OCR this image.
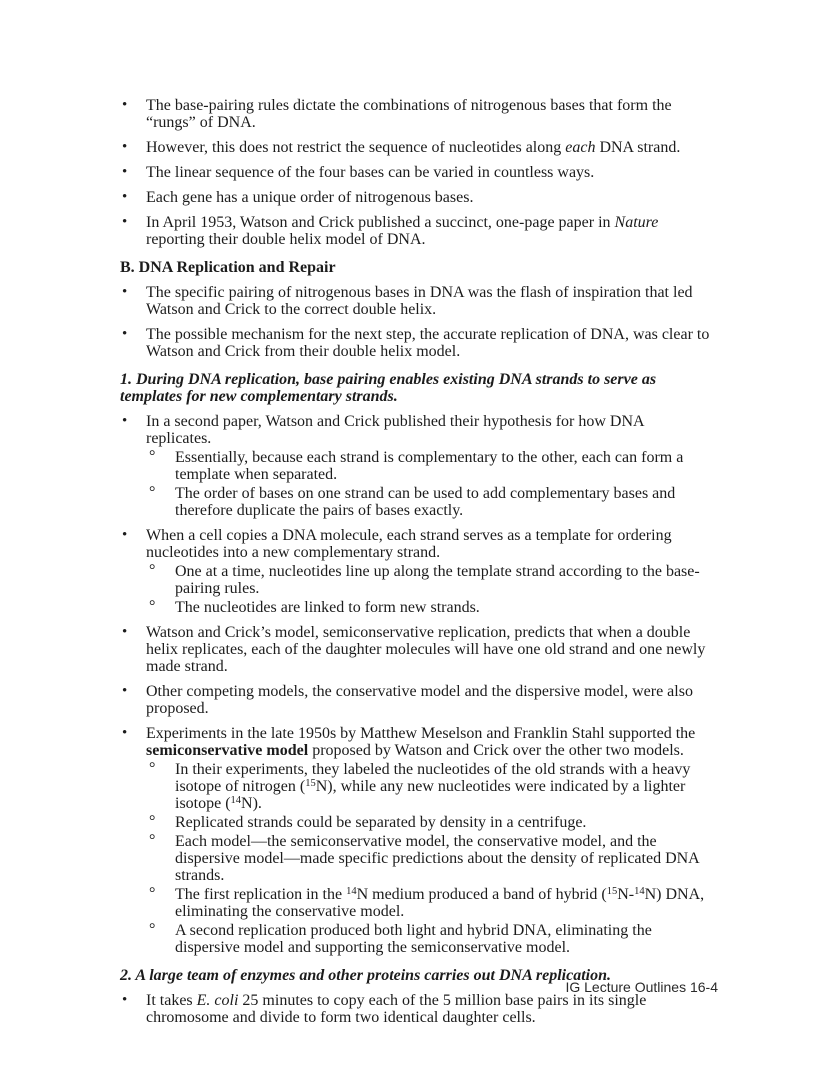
• The base-pairing rules dictate the combinations of nitrogenous bases that form the “rungs” of DNA.
• However, this does not restrict the sequence of nucleotides along each DNA strand.
• The linear sequence of the four bases can be varied in countless ways.
• Each gene has a unique order of nitrogenous bases.
• In April 1953, Watson and Crick published a succinct, one-page paper in Nature reporting their double helix model of DNA.
B. DNA Replication and Repair
• The specific pairing of nitrogenous bases in DNA was the flash of inspiration that led Watson and Crick to the correct double helix.
• The possible mechanism for the next step, the accurate replication of DNA, was clear to Watson and Crick from their double helix model.
1. During DNA replication, base pairing enables existing DNA strands to serve as templates for new complementary strands.
• In a second paper, Watson and Crick published their hypothesis for how DNA replicates.
° Essentially, because each strand is complementary to the other, each can form a template when separated.
° The order of bases on one strand can be used to add complementary bases and therefore duplicate the pairs of bases exactly.
• When a cell copies a DNA molecule, each strand serves as a template for ordering nucleotides into a new complementary strand.
° One at a time, nucleotides line up along the template strand according to the base-pairing rules.
° The nucleotides are linked to form new strands.
• Watson and Crick’s model, semiconservative replication, predicts that when a double helix replicates, each of the daughter molecules will have one old strand and one newly made strand.
• Other competing models, the conservative model and the dispersive model, were also proposed.
• Experiments in the late 1950s by Matthew Meselson and Franklin Stahl supported the semiconservative model proposed by Watson and Crick over the other two models.
° In their experiments, they labeled the nucleotides of the old strands with a heavy isotope of nitrogen ($^{15}$N), while any new nucleotides were indicated by a lighter isotope ($^{14}$N).
° Replicated strands could be separated by density in a centrifuge.
° Each model—the semiconservative model, the conservative model, and the dispersive model—made specific predictions about the density of replicated DNA strands.
° The first replication in the $^{14}$N medium produced a band of hybrid ($^{15}$N-$^{14}$N) DNA, eliminating the conservative model.
° A second replication produced both light and hybrid DNA, eliminating the dispersive model and supporting the semiconservative model.
2. A large team of enzymes and other proteins carries out DNA replication.
• It takes E. coli 25 minutes to copy each of the 5 million base pairs in its single chromosome and divide to form two identical daughter cells.
IG Lecture Outlines 16-4
